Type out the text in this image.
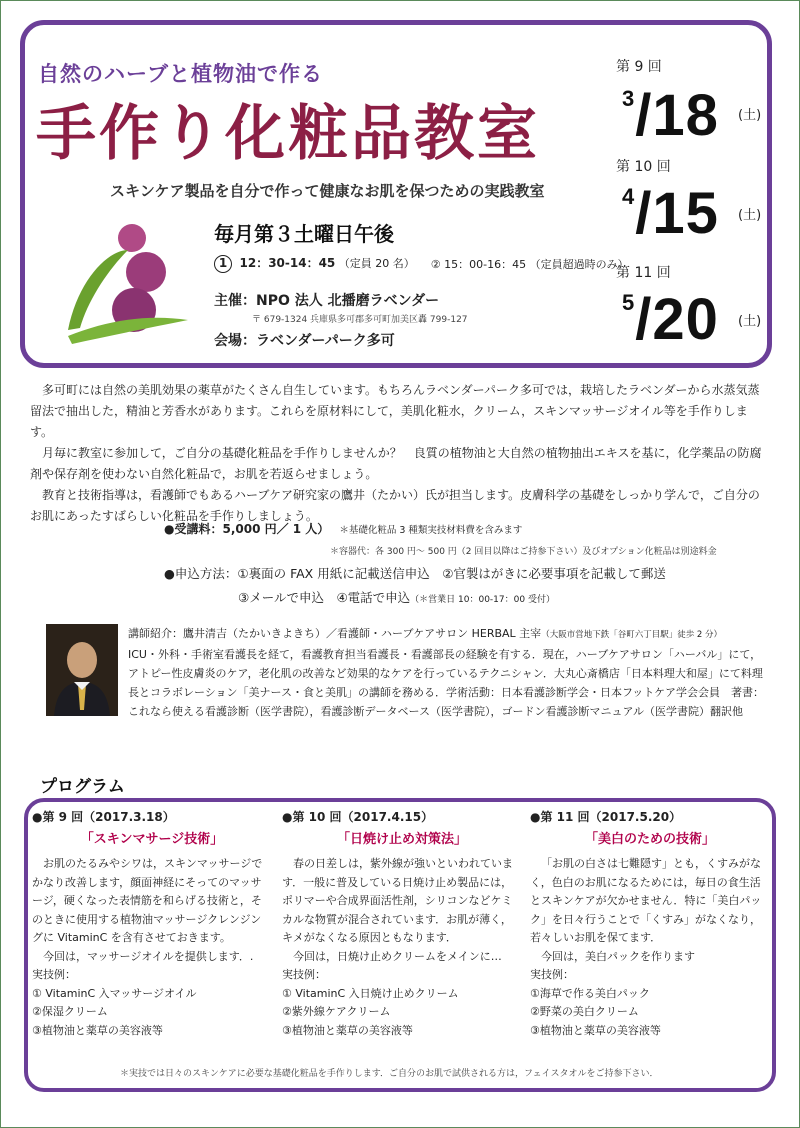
自然のハーブと植物油で作る
手作り化粧品教室
スキンケア製品を自分で作って健康なお肌を保つための実践教室
毎月第３土曜日午後
1 12：30-14：45 （定員 20 名） ② 15：00-16：45 （定員超過時のみ）
主催：NPO 法人 北播磨ラベンダー
〒 679-1324 兵庫県多可郡多可町加美区轟 799-127
会場：ラベンダーパーク多可
第 9 回
$^3$/18 (土)
第 10 回
$^4$/15 (土)
第 11 回
$^5$/20 (土)

多可町には自然の美肌効果の薬草がたくさん自生しています。もちろんラベンダーパーク多可では，栽培したラベンダーから水蒸気蒸留法で抽出した，精油と芳香水があります。これらを原材料にして，美肌化粧水，クリーム，スキンマッサージオイル等を手作りします。

月毎に教室に参加して，ご自分の基礎化粧品を手作りしませんか？　良質の植物油と大自然の植物抽出エキスを基に，化学薬品の防腐剤や保存剤を使わない自然化粧品で，お肌を若返らせましょう。

教育と技術指導は，看護師でもあるハーブケア研究家の鷹井（たかい）氏が担当します。皮膚科学の基礎をしっかり学んで，ご自分のお肌にあったすばらしい化粧品を手作りしましょう。

●受講料：5,000 円／ 1 人） ＊基礎化粧品 3 種類実技材料費を含みます
＊容器代：各 300 円～ 500 円（2 回目以降はご持参下さい）及びオプション化粧品は別途料金
●申込方法：①裏面の FAX 用紙に記載送信申込　②官製はがきに必要事項を記載して郵送
③メールで申込　④電話で申込（＊営業日 10：00-17：00 受付）
講師紹介：鷹井清吉（たかいきよきち）／看護師・ハーブケアサロン HERBAL 主宰（大阪市営地下鉄「谷町六丁目駅」徒歩 2 分）
ICU・外科・手術室看護長を経て，看護教育担当看護長・看護部長の経験を有する．現在，ハーブケアサロン「ハーバル」にて，アトピー性皮膚炎のケア，老化肌の改善など効果的なケアを行っているテクニシャン．大丸心斎橋店「日本料理大和屋」にて料理長とコラボレーション「美ナース・食と美肌」の講師を務める．学術活動：日本看護診断学会・日本フットケア学会会員　著書：これなら使える看護診断（医学書院），看護診断データベース（医学書院），ゴードン看護診断マニュアル（医学書院）翻訳他
プログラム
●第 9 回（2017.3.18）
「スキンマサージ技術」
お肌のたるみやシワは，スキンマッサージでかなり改善します，顔面神経にそってのマッサージ，硬くなった表情筋を和らげる技術と，そのときに使用する植物油マッサージクレンジングに VitaminC を含有させておきます。
今回は，マッサージオイルを提供します．.
実技例：
① VitaminC 入マッサージオイル
②保湿クリーム
③植物油と薬草の美容液等
●第 10 回（2017.4.15）
「日焼け止め対策法」
春の日差しは，紫外線が強いといわれています．一般に普及している日焼け止め製品には，ポリマーや合成界面活性剤，シリコンなどケミカルな物質が混合されています．お肌が薄く，キメがなくなる原因ともなります．
今回は，日焼け止めクリームをメインに…
実技例：
① VitaminC 入日焼け止めクリーム
②紫外線ケアクリーム
③植物油と薬草の美容液等
●第 11 回（2017.5.20）
「美白のための技術」
「お肌の白さは七難隠す」とも，くすみがなく，色白のお肌になるためには，毎日の食生活とスキンケアが欠かせません．特に「美白パック」を日々行うことで「くすみ」がなくなり，若々しいお肌を保てます．
今回は，美白パックを作ります
実技例：
①海草で作る美白パック
②野菜の美白クリーム
③植物油と薬草の美容液等
＊実技では日々のスキンケアに必要な基礎化粧品を手作りします．ご自分のお肌で試供される方は，フェイスタオルをご持参下さい．
